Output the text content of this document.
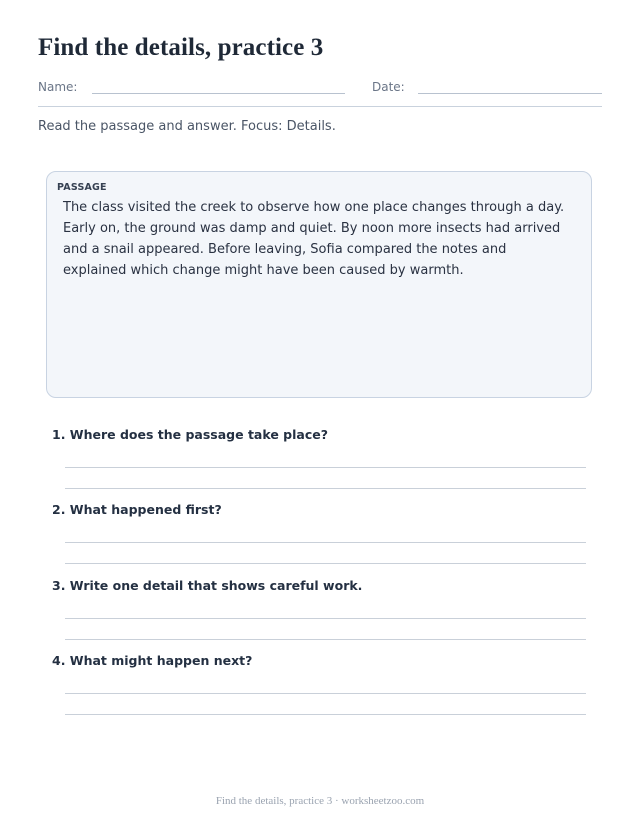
Find the details, practice 3
Name:	Date:
Read the passage and answer. Focus: Details.
PASSAGE
The class visited the creek to observe how one place changes through a day. Early on, the ground was damp and quiet. By noon more insects had arrived and a snail appeared. Before leaving, Sofia compared the notes and explained which change might have been caused by warmth.
1. Where does the passage take place?
2. What happened first?
3. Write one detail that shows careful work.
4. What might happen next?
Find the details, practice 3 · worksheetzoo.com
